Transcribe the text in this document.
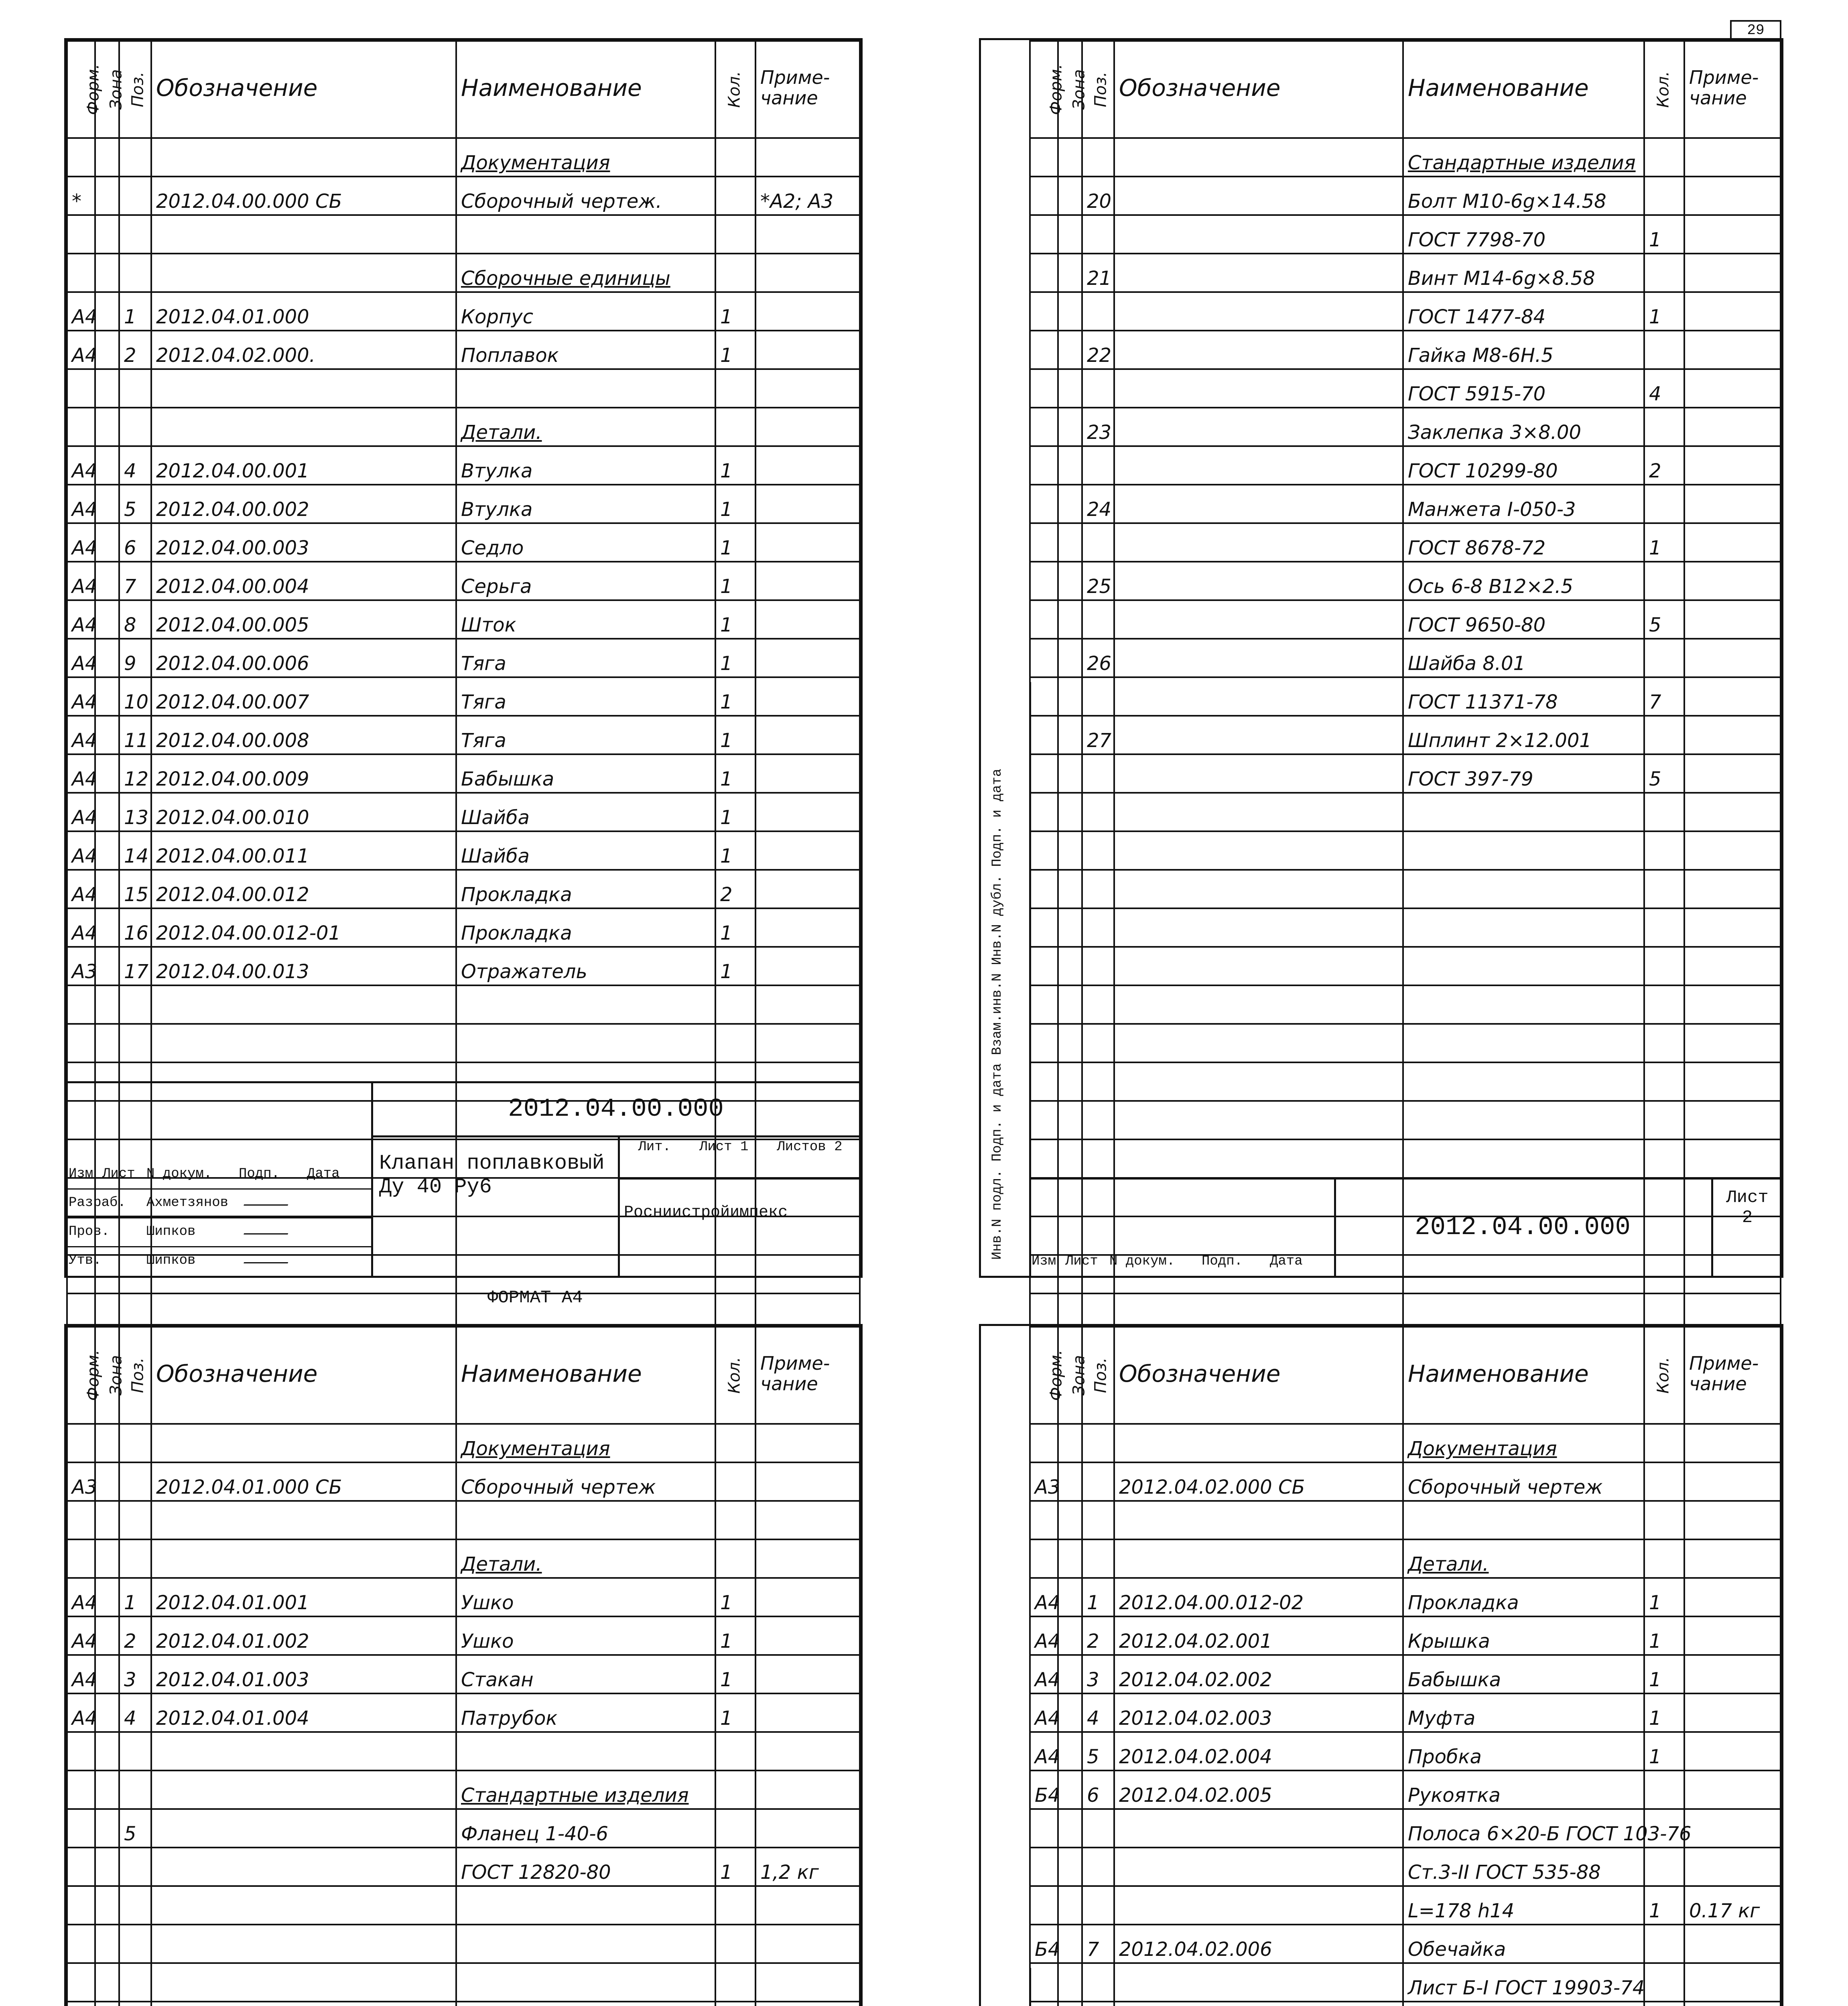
Форм.	Зона	Поз.	Обозначение	Наименование	Кол.	Приме-чание
				Документация		
*			2012.04.00.000 СБ	Сборочный чертеж.		*А2; А3

				Сборочные единицы		
А4		1	2012.04.01.000	Корпус	1	
А4		2	2012.04.02.000.	Поплавок	1	

				Детали.		
А4		4	2012.04.00.001	Втулка	1	
А4		5	2012.04.00.002	Втулка	1	
А4		6	2012.04.00.003	Седло	1	
А4		7	2012.04.00.004	Серьга	1	
А4		8	2012.04.00.005	Шток	1	
А4		9	2012.04.00.006	Тяга	1	
А4		10	2012.04.00.007	Тяга	1	
А4		11	2012.04.00.008	Тяга	1	
А4		12	2012.04.00.009	Бабышка	1	
А4		13	2012.04.00.010	Шайба	1	
А4		14	2012.04.00.011	Шайба	1	
А4		15	2012.04.00.012	Прокладка	2	
А4		16	2012.04.00.012-01	Прокладка	1	
А3		17	2012.04.00.013	Отражатель	1	

Изм Лист N докум. Подп. Дата
Разраб. Ахметзянов
Пров.	Шипков
Утв.	Шипков
2012.04.00.000
Клапан поплавковый
Ду 40 Ру6
Лит. Лист 1 Листов 2
Росниистройимпекс
ФОРМАТ А4
29
Инв.N подл. Подп. и дата Взам.инв.N Инв.N дубл. Подп. и дата
Форм.	Зона	Поз.	Обозначение	Наименование	Кол.	Приме-чание
				Стандартные изделия		
		20		Болт М10-6g×14.58		
				ГОСТ 7798-70	1	
		21		Винт М14-6g×8.58		
				ГОСТ 1477-84	1	
		22		Гайка М8-6Н.5		
				ГОСТ 5915-70	4	
		23		Заклепка 3×8.00		
				ГОСТ 10299-80	2	
		24		Манжета I-050-3		
				ГОСТ 8678-72	1	
		25		Ось 6-8 В12×2.5		
				ГОСТ 9650-80	5	
		26		Шайба 8.01		
				ГОСТ 11371-78	7	
		27		Шплинт 2×12.001		
				ГОСТ 397-79	5	

Изм Лист N докум. Подп. Дата
2012.04.00.000
Лист
2
Форм.	Зона	Поз.	Обозначение	Наименование	Кол.	Приме-чание
				Документация		
А3			2012.04.01.000 СБ	Сборочный чертеж		

				Детали.		
А4		1	2012.04.01.001	Ушко	1	
А4		2	2012.04.01.002	Ушко	1	
А4		3	2012.04.01.003	Стакан	1	
А4		4	2012.04.01.004	Патрубок	1	

				Стандартные изделия		
		5		Фланец 1-40-6		
				ГОСТ 12820-80	1	1,2 кг

Форм.	Зона	Поз.	Обозначение	Наименование	Кол.	Приме-чание
				Документация		
А3			2012.04.02.000 СБ	Сборочный чертеж		

				Детали.		
А4		1	2012.04.00.012-02	Прокладка	1	
А4		2	2012.04.02.001	Крышка	1	
А4		3	2012.04.02.002	Бабышка	1	
А4		4	2012.04.02.003	Муфта	1	
А4		5	2012.04.02.004	Пробка	1	
Б4		6	2012.04.02.005	Рукоятка		
				Полоса 6×20-Б ГОСТ 103-76		
				Ст.3-II ГОСТ 535-88		
				L=178 h14	1	0.17 кг
Б4		7	2012.04.02.006	Обечайка		
				Лист Б-I ГОСТ 19903-74		
